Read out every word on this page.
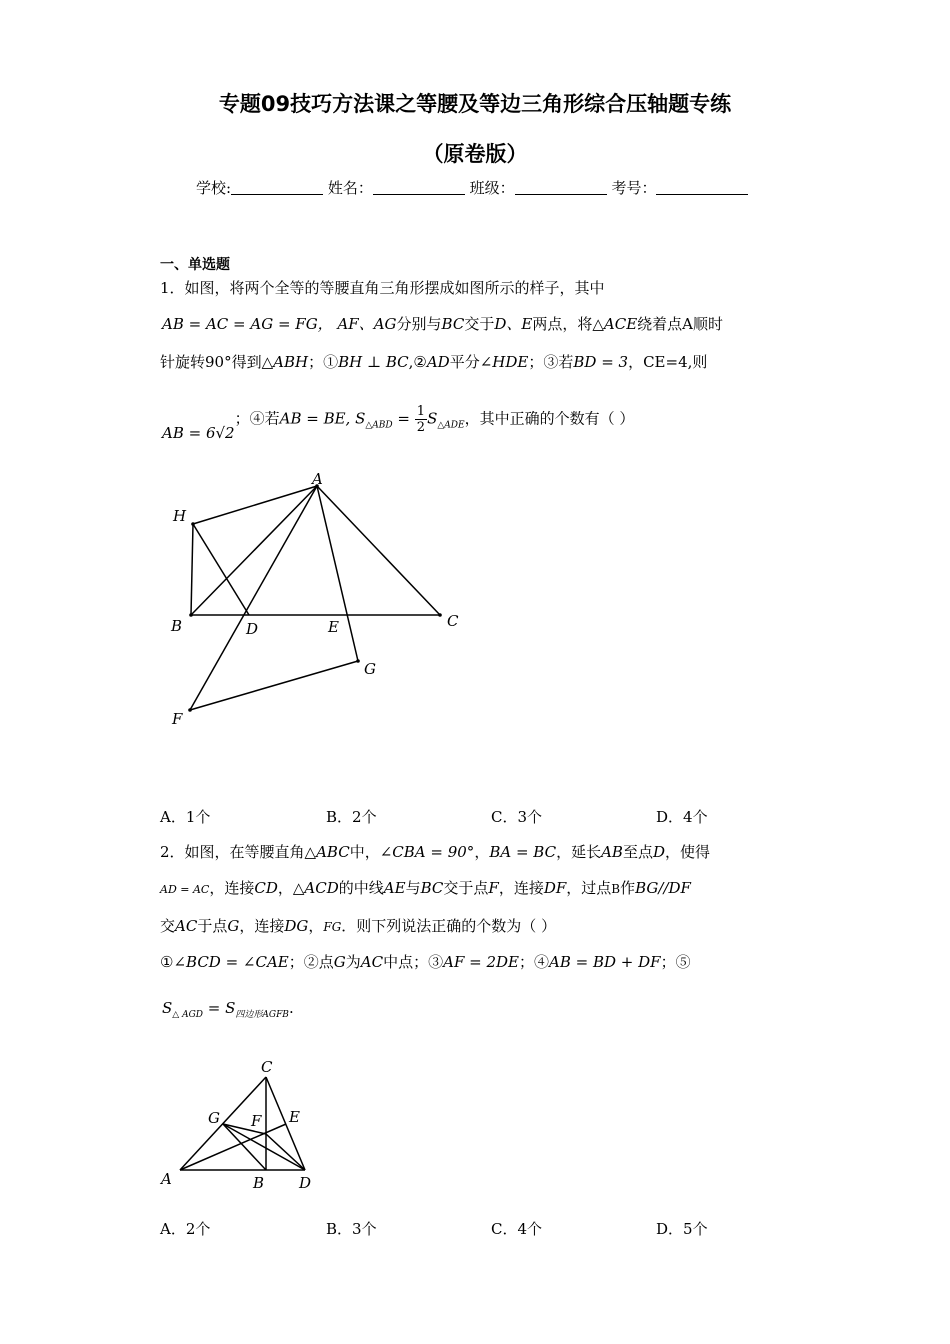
专题09技巧方法课之等腰及等边三角形综合压轴题专练
（原卷版）
学校:	姓名：	班级：	考号：
一、单选题
1．如图，将两个全等的等腰直角三角形摆成如图所示的样子，其中
AB = AC = AG = FG， AF、AG分别与BC交于D、E两点，将△ACE绕着点A顺时
针旋转90°得到△ABH；①BH ⊥ BC,②AD平分∠HDE；③若BD = 3，CE=4,则
AB = 6√2；④若AB = BE, $S_{\triangle ABD} = \frac{1}{2} S_{\triangle ADE}$，其中正确的个数有（ ）
A
H
B	D	E	C
G
F
A．1个	B．2个	C．3个	D．4个
2．如图，在等腰直角△ABC中，∠CBA = 90°，BA = BC，延长AB至点D，使得
AD = AC，连接CD，△ACD的中线AE与BC交于点F，连接DF，过点B作BG//DF
交AC于点G，连接DG，FG．则下列说法正确的个数为（ ）
①∠BCD = ∠CAE；②点G为AC中点；③AF = 2DE；④AB = BD + DF；⑤
$S_{\triangle AGD} = S_{四边形AGFB}$.
C
G F E
A	B D
A．2个	B．3个	C．4个	D．5个
